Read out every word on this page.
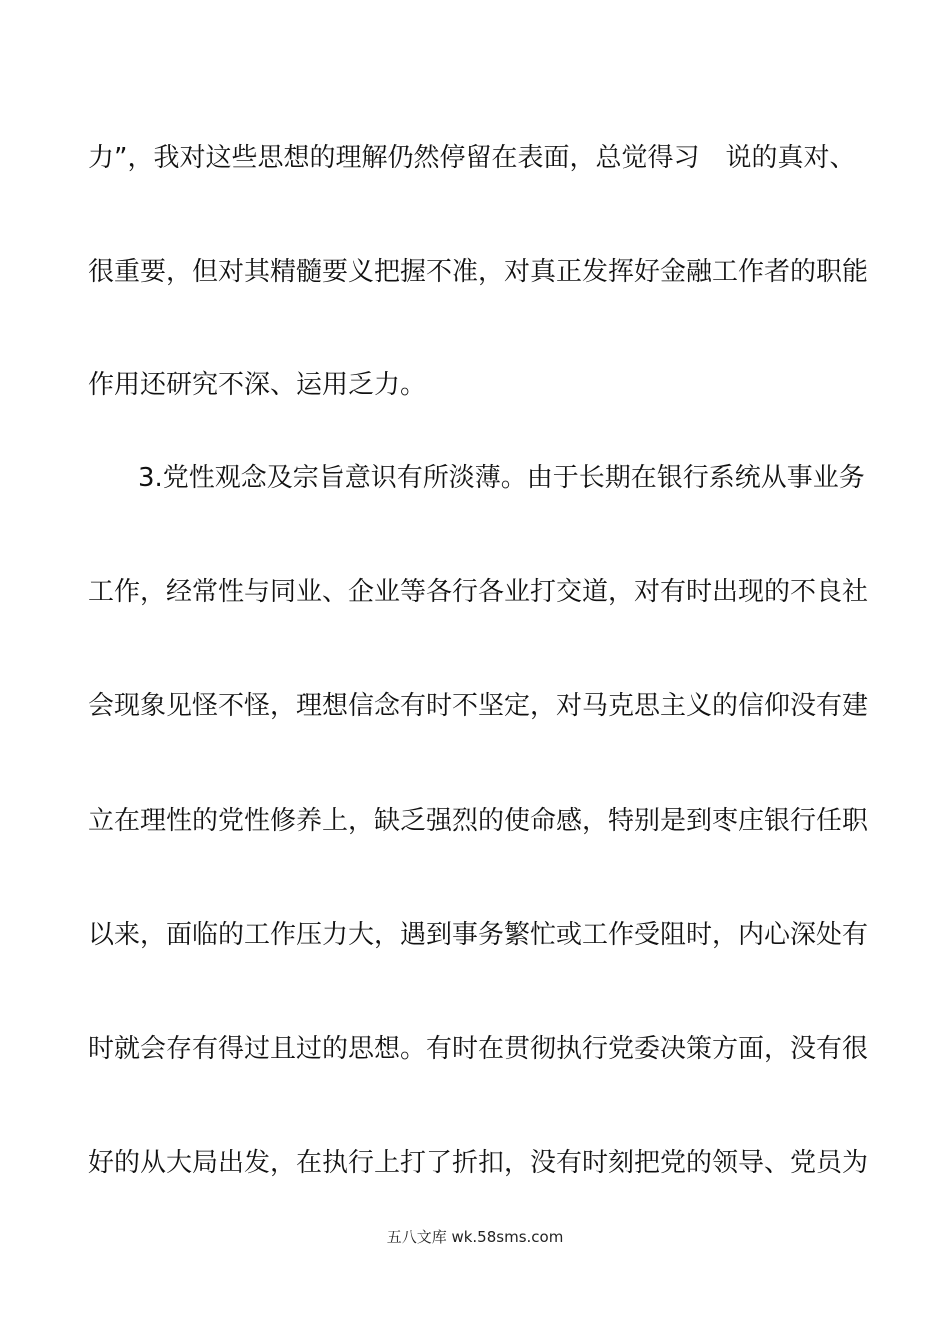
力”，我对这些思想的理解仍然停留在表面，总觉得习　说的真对、
很重要，但对其精髓要义把握不准，对真正发挥好金融工作者的职能
作用还研究不深、运用乏力。
3.党性观念及宗旨意识有所淡薄。由于长期在银行系统从事业务
工作，经常性与同业、企业等各行各业打交道，对有时出现的不良社
会现象见怪不怪，理想信念有时不坚定，对马克思主义的信仰没有建
立在理性的党性修养上，缺乏强烈的使命感，特别是到枣庄银行任职
以来，面临的工作压力大，遇到事务繁忙或工作受阻时，内心深处有
时就会存有得过且过的思想。有时在贯彻执行党委决策方面，没有很
好的从大局出发，在执行上打了折扣，没有时刻把党的领导、党员为
五八文库 wk.58sms.com
